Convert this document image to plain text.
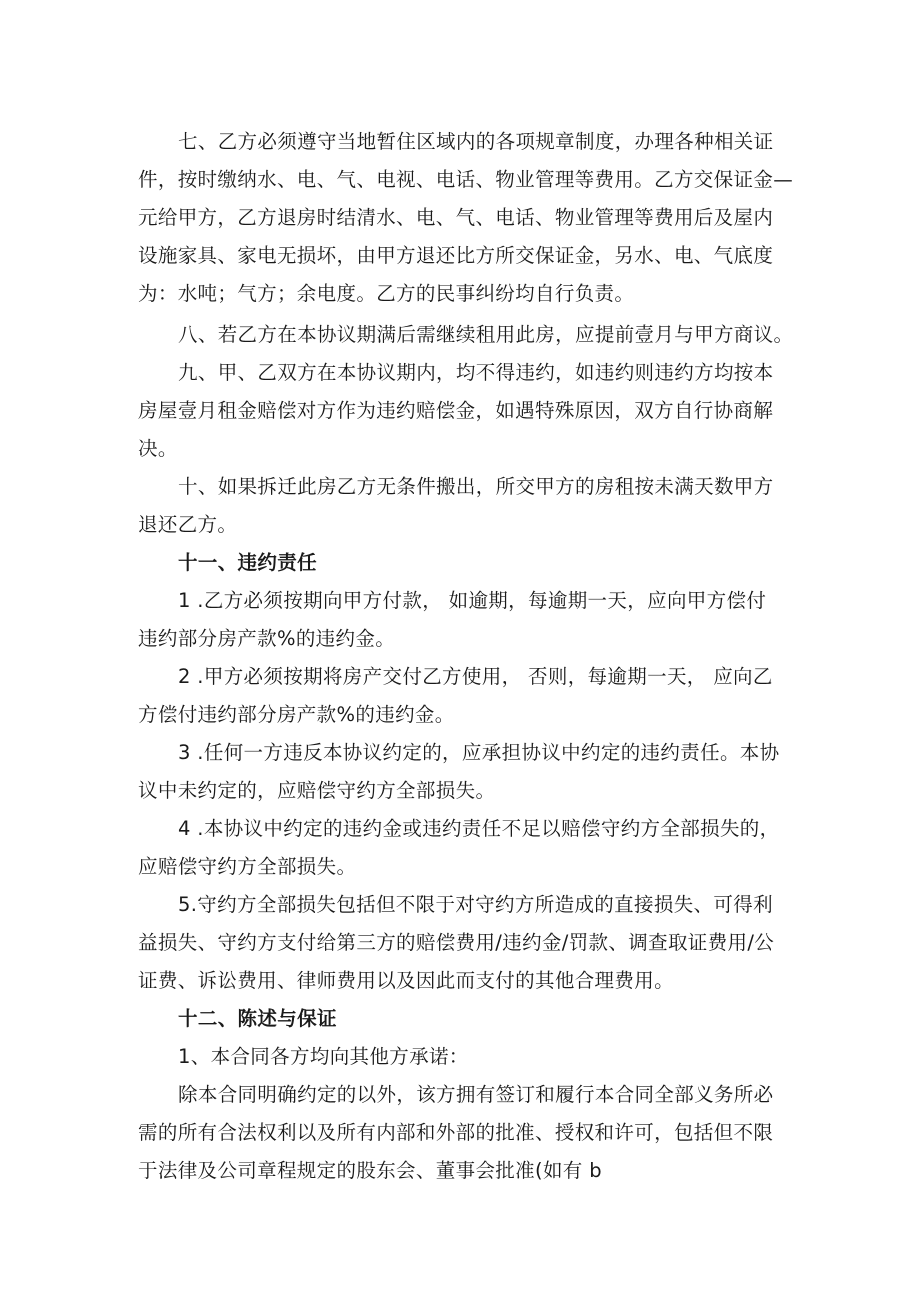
七、乙方必须遵守当地暂住区域内的各项规章制度，办理各种相关证
件，按时缴纳水、电、气、电视、电话、物业管理等费用。乙方交保证金—
元给甲方，乙方退房时结清水、电、气、电话、物业管理等费用后及屋内
设施家具、家电无损坏，由甲方退还比方所交保证金，另水、电、气底度
为：水吨；气方；余电度。乙方的民事纠纷均自行负责。
八、若乙方在本协议期满后需继续租用此房，应提前壹月与甲方商议。
九、甲、乙双方在本协议期内，均不得违约，如违约则违约方均按本
房屋壹月租金赔偿对方作为违约赔偿金，如遇特殊原因，双方自行协商解
决。
十、如果拆迁此房乙方无条件搬出，所交甲方的房租按未满天数甲方
退还乙方。
十一、违约责任
1 .乙方必须按期向甲方付款， 如逾期，每逾期一天，应向甲方偿付
违约部分房产款%的违约金。
2 .甲方必须按期将房产交付乙方使用， 否则，每逾期一天， 应向乙
方偿付违约部分房产款%的违约金。
3 .任何一方违反本协议约定的，应承担协议中约定的违约责任。本协
议中未约定的，应赔偿守约方全部损失。
4 .本协议中约定的违约金或违约责任不足以赔偿守约方全部损失的，
应赔偿守约方全部损失。
5.守约方全部损失包括但不限于对守约方所造成的直接损失、可得利
益损失、守约方支付给第三方的赔偿费用/违约金/罚款、调查取证费用/公
证费、诉讼费用、律师费用以及因此而支付的其他合理费用。
十二、陈述与保证
1、本合同各方均向其他方承诺：
除本合同明确约定的以外，该方拥有签订和履行本合同全部义务所必
需的所有合法权利以及所有内部和外部的批准、授权和许可，包括但不限
于法律及公司章程规定的股东会、董事会批准(如有 b
